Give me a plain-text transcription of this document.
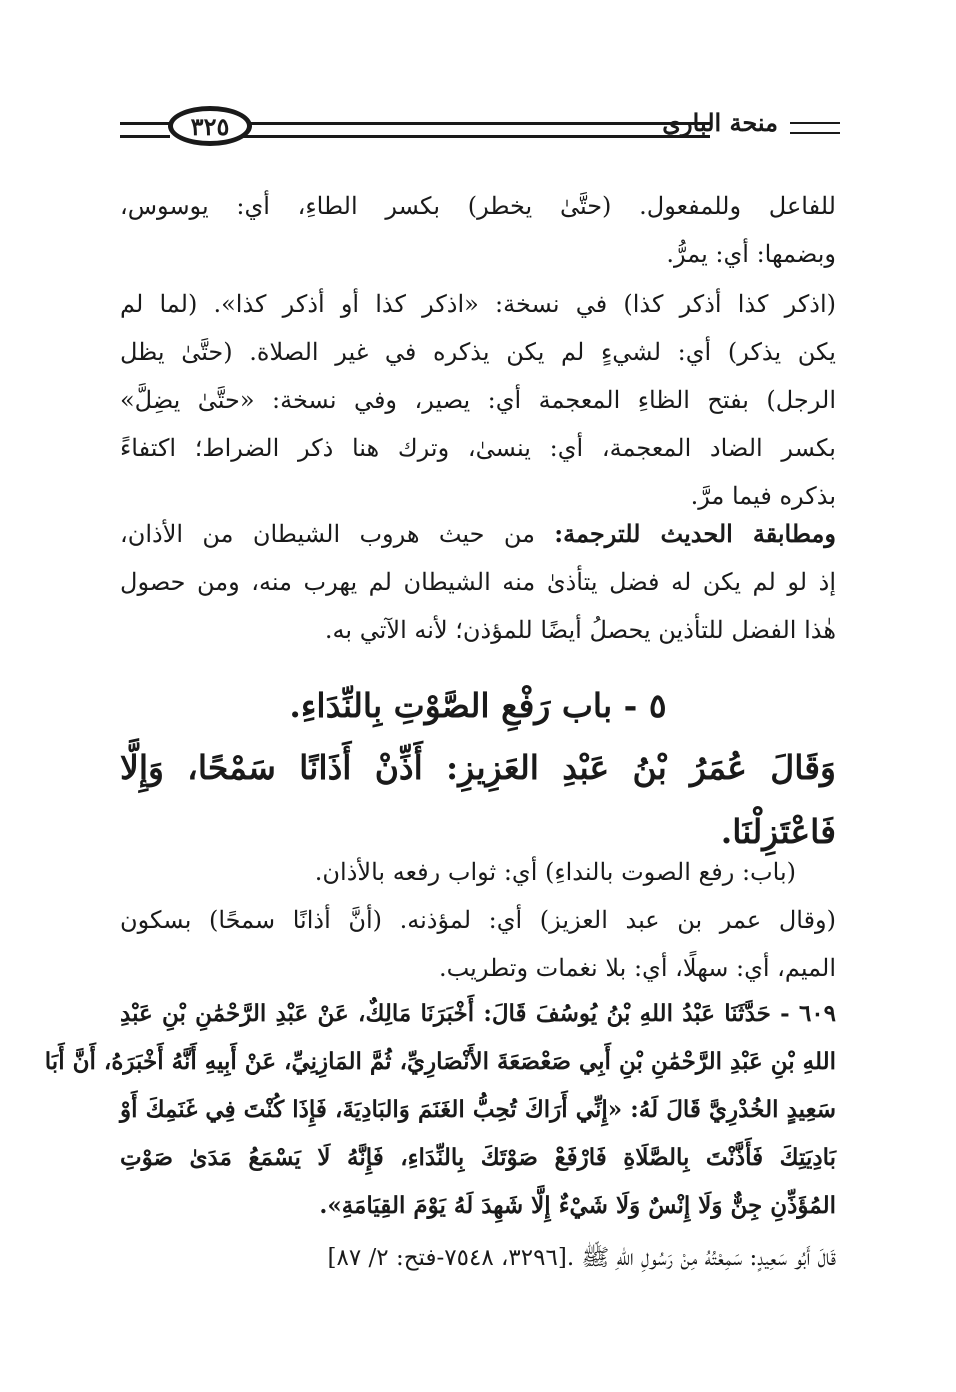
منحة الباري
٣٢٥
للفاعل وللمفعول. (حتَّىٰ يخطر) بكسر الطاءِ، أي: يوسوس،
وبضمها: أي: يمرُّ.
(اذكر كذا أذكر كذا) في نسخة: «اذكر كذا أو أذكر كذا». (لما لم
يكن يذكر) أي: لشيءٍ لم يكن يذكره في غير الصلاة. (حتَّىٰ يظل
الرجل) بفتح الظاءِ المعجمة أي: يصير، وفي نسخة: «حتَّىٰ يضِلَّ»
بكسر الضاد المعجمة، أي: ينسىٰ، وترك هنا ذكر الضراط؛ اكتفاءً
بذكره فيما مرَّ.
ومطابقة الحديث للترجمة: من حيث هروب الشيطان من الأذان،
إذ لو لم يكن له فضل يتأذىٰ منه الشيطان لم يهرب منه، ومن حصول
هٰذا الفضل للتأذين يحصلُ أيضًا للمؤذن؛ لأنه الآتي به.
٥ - باب رَفْعِ الصَّوْتِ بِالنِّدَاءِ.
وَقَالَ عُمَرُ بْنُ عَبْدِ العَزِيزِ: أَذِّنْ أَذَانًا سَمْحًا، وَإِلَّا
فَاعْتَزِلْنَا.
(باب: رفع الصوت بالنداءِ) أي: ثواب رفعه بالأذان.
(وقال عمر بن عبد العزيز) أي: لمؤذنه. (أنَّ أذانًا سمحًا) بسكون
الميم، أي: سهلًا، أي: بلا نغمات وتطريب.
٦٠٩ - حَدَّثَنَا عَبْدُ اللهِ بْنُ يُوسُفَ قَالَ: أَخْبَرَنَا مَالِكٌ، عَنْ عَبْدِ الرَّحْمَٰنِ بْنِ عَبْدِ
اللهِ بْنِ عَبْدِ الرَّحْمَٰنِ بْنِ أَبِي صَعْصَعَةَ الأَنْصَارِيِّ، ثُمَّ المَازِنِيِّ، عَنْ أَبِيهِ أَنَّهُ أَخْبَرَهُ، أَنَّ أَبَا
سَعِيدٍ الخُدْرِيَّ قَالَ لَهُ: «إِنِّي أَرَاكَ تُحِبُّ الغَنَمَ وَالبَادِيَةَ، فَإِذَا كُنْتَ فِي غَنَمِكَ أَوْ
بَادِيَتِكَ فَأَذَّنْتَ بِالصَّلَاةِ فَارْفَعْ صَوْتَكَ بِالنِّدَاءِ، فَإِنَّهُ لَا يَسْمَعُ مَدَىٰ صَوْتِ
المُؤَذِّنِ جِنٌّ وَلَا إِنْسٌ وَلَا شَيْءٌ إِلَّا شَهِدَ لَهُ يَوْمَ القِيَامَةِ».
قَالَ أَبُو سَعِيدٍ: سَمِعْتُهُ مِنْ رَسُولِ اللهِ ﷺ .[٣٢٩٦، ٧٥٤٨-فتح: ٢/ ٨٧]
